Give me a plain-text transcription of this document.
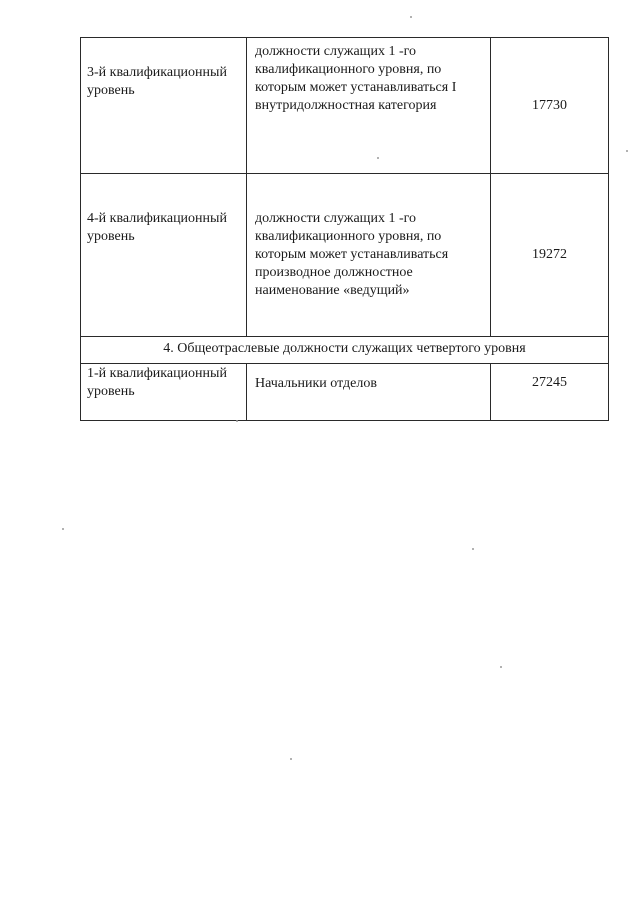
3-й квалификационный уровень	должности служащих 1 -го квалификационного уровня, по которым может устанавливаться I внутридолжностная категория	17730
4-й квалификационный уровень	должности служащих 1 -го квалификационного уровня, по которым может устанавливаться производное должностное наименование «ведущий»	19272
4. Общеотраслевые должности служащих четвертого уровня		
1-й квалификационный уровень	Начальники отделов	27245
